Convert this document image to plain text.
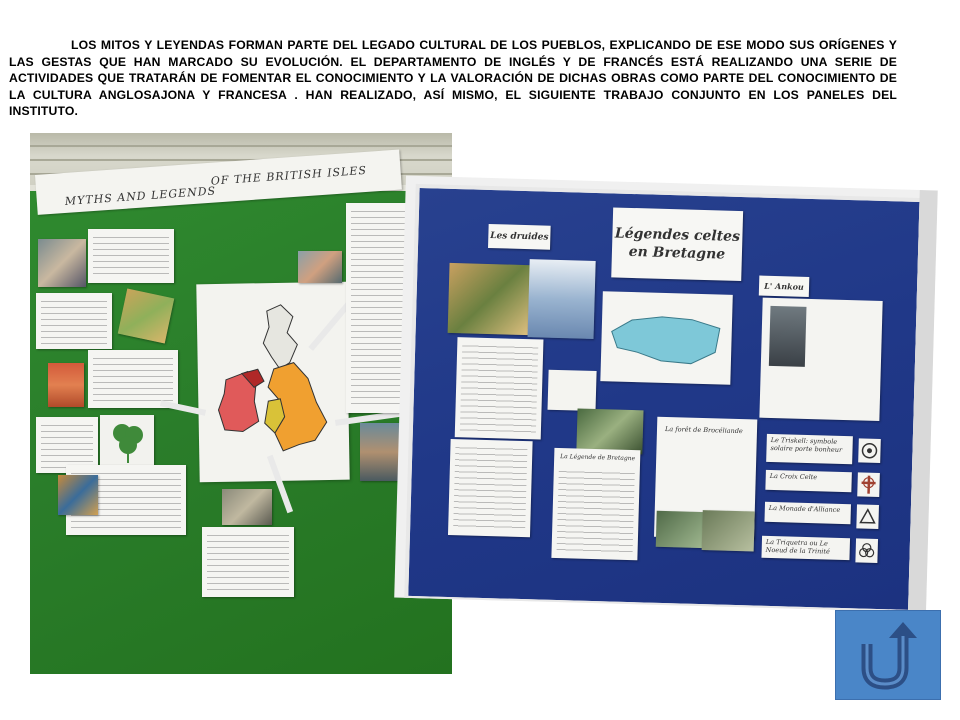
LOS MITOS Y LEYENDAS FORMAN PARTE DEL LEGADO CULTURAL DE LOS PUEBLOS, EXPLICANDO DE ESE MODO SUS ORÍGENES Y LAS GESTAS QUE HAN MARCADO SU EVOLUCIÓN. EL DEPARTAMENTO DE INGLÉS Y DE FRANCÉS ESTÁ REALIZANDO UNA SERIE DE ACTIVIDADES QUE TRATARÁN DE FOMENTAR EL CONOCIMIENTO Y LA VALORACIÓN DE DICHAS OBRAS COMO PARTE DEL CONOCIMIENTO DE LA CULTURA ANGLOSAJONA Y FRANCESA . HAN REALIZADO, ASÍ MISMO, EL SIGUIENTE TRABAJO CONJUNTO EN LOS PANELES DEL INSTITUTO.

MYTHS AND LEGENDS
OF THE BRITISH ISLES
Légendes celtes en Bretagne
Les druides
L' Ankou
La Légende de Bretagne
La forêt de Brocéliande
Le Triskell: symbole solaire porte bonheur
La Croix Celte
La Monade d'Alliance
La Triquetra ou Le Noeud de la Trinité
